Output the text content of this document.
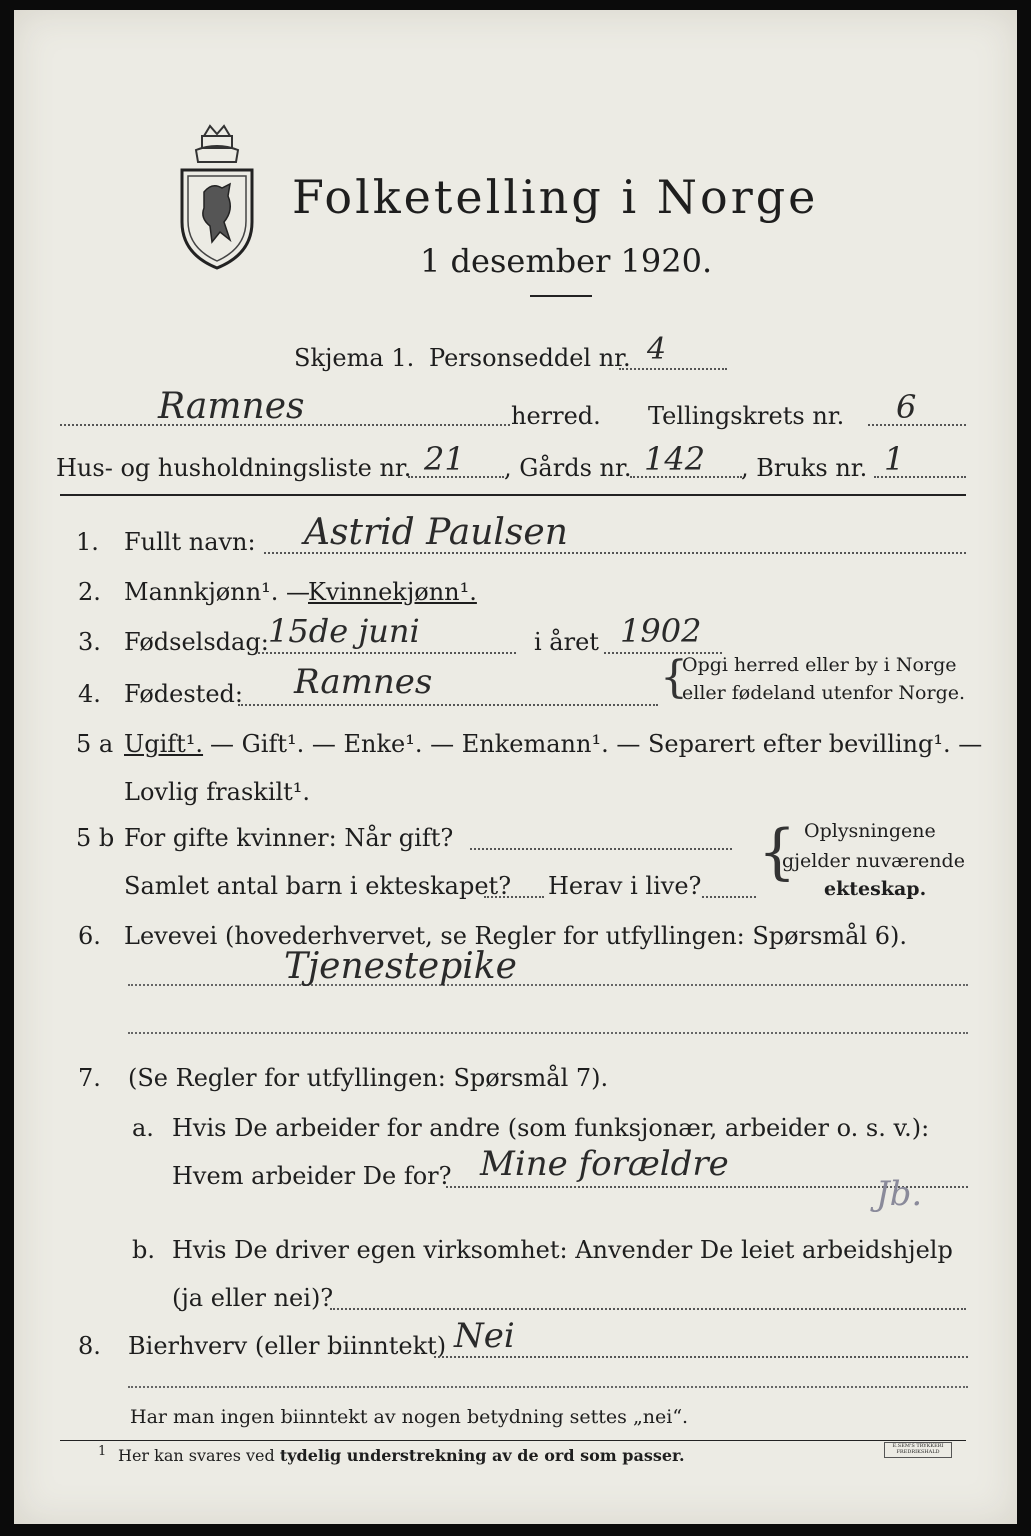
Folketelling i Norge
1 desember 1920.
Skjema 1. Personseddel nr. 4
Ramnes	herred. Tellingskrets nr. 6
Hus- og husholdningsliste nr. 21 , Gårds nr. 142 , Bruks nr. 1
1. Fullt navn: Astrid Paulsen
2. Mannkjønn¹. —
Kvinnekjønn¹.
3. Fødselsdag: 15de juni	i året 1902
4. Fødested: Ramnes	{
Opgi herred eller by i Norge
eller fødeland utenfor Norge.
5 a Ugift¹. — Gift¹. — Enke¹. — Enkemann¹. — Separert efter bevilling¹. —
Lovlig fraskilt¹.
5 b For gifte kvinner: Når gift?
Samlet antal barn i ekteskapet? Herav i live? { Oplysningene
gjelder nuværende
ekteskap.
6. Levevei (hovederhvervet, se Regler for utfyllingen: Spørsmål 6).
Tjenestepike
7. (Se Regler for utfyllingen: Spørsmål 7).
a. Hvis De arbeider for andre (som funksjonær, arbeider o. s. v.):
Hvem arbeider De for? Mine forældre
Jb.
b. Hvis De driver egen virksomhet: Anvender De leiet arbeidshjelp
(ja eller nei)?
8. Bierhverv (eller biinntekt) Nei
Har man ingen biinntekt av nogen betydning settes „nei“.
1 Her kan svares ved tydelig understrekning av de ord som passer.	E.SEM'S TRYKKERI FREDRIKSHALD
